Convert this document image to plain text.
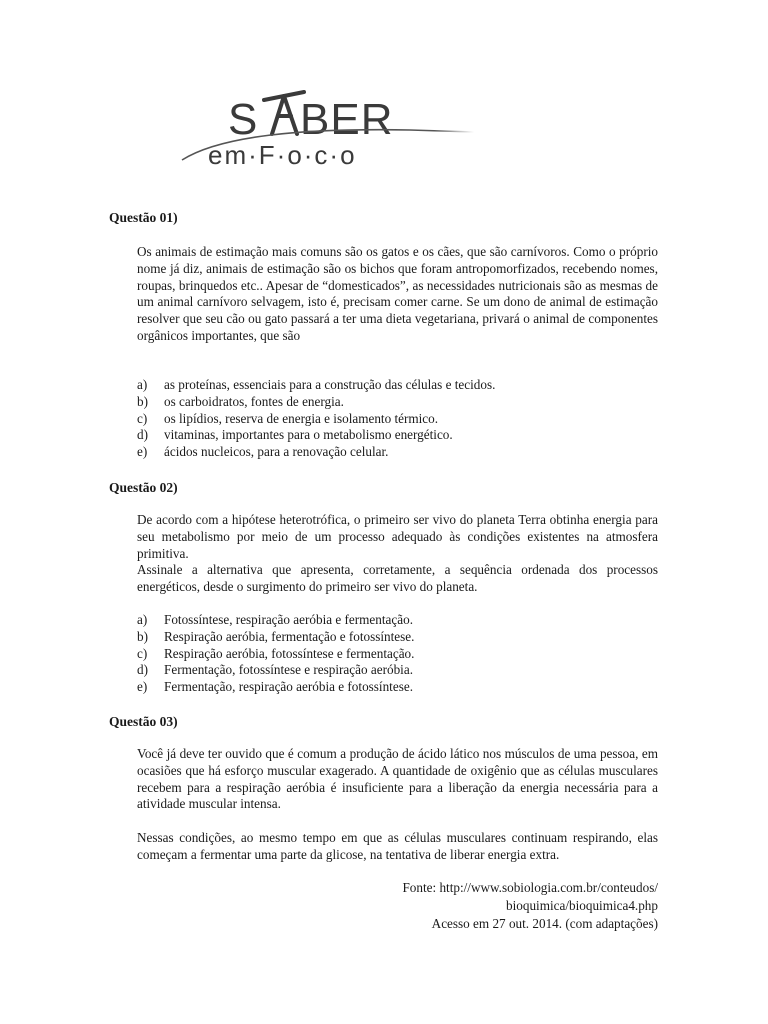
S BER
em·F·o·c·o
Questão 01)

Os animais de estimação mais comuns são os gatos e os cães, que são carnívoros. Como o próprio nome já diz, animais de estimação são os bichos que foram antropomorfizados, recebendo nomes, roupas, brinquedos etc.. Apesar de “domesticados”, as necessidades nutricionais são as mesmas de um animal carnívoro selvagem, isto é, precisam comer carne. Se um dono de animal de estimação resolver que seu cão ou gato passará a ter uma dieta vegetariana, privará o animal de componentes orgânicos importantes, que são

a)	as proteínas, essenciais para a construção das células e tecidos.
b)	os carboidratos, fontes de energia.
c)	os lipídios, reserva de energia e isolamento térmico.
d)	vitaminas, importantes para o metabolismo energético.
e)	ácidos nucleicos, para a renovação celular.
Questão 02)

De acordo com a hipótese heterotrófica, o primeiro ser vivo do planeta Terra obtinha energia para seu metabolismo por meio de um processo adequado às condições existentes na atmosfera primitiva.

Assinale a alternativa que apresenta, corretamente, a sequência ordenada dos processos energéticos, desde o surgimento do primeiro ser vivo do planeta.

a)	Fotossíntese, respiração aeróbia e fermentação.
b)	Respiração aeróbia, fermentação e fotossíntese.
c)	Respiração aeróbia, fotossíntese e fermentação.
d)	Fermentação, fotossíntese e respiração aeróbia.
e)	Fermentação, respiração aeróbia e fotossíntese.
Questão 03)

Você já deve ter ouvido que é comum a produção de ácido lático nos músculos de uma pessoa, em ocasiões que há esforço muscular exagerado. A quantidade de oxigênio que as células musculares recebem para a respiração aeróbia é insuficiente para a liberação da energia necessária para a atividade muscular intensa.

Nessas condições, ao mesmo tempo em que as células musculares continuam respirando, elas começam a fermentar uma parte da glicose, na tentativa de liberar energia extra.

Fonte: http://www.sobiologia.com.br/conteudos/
bioquimica/bioquimica4.php
Acesso em 27 out. 2014. (com adaptações)
